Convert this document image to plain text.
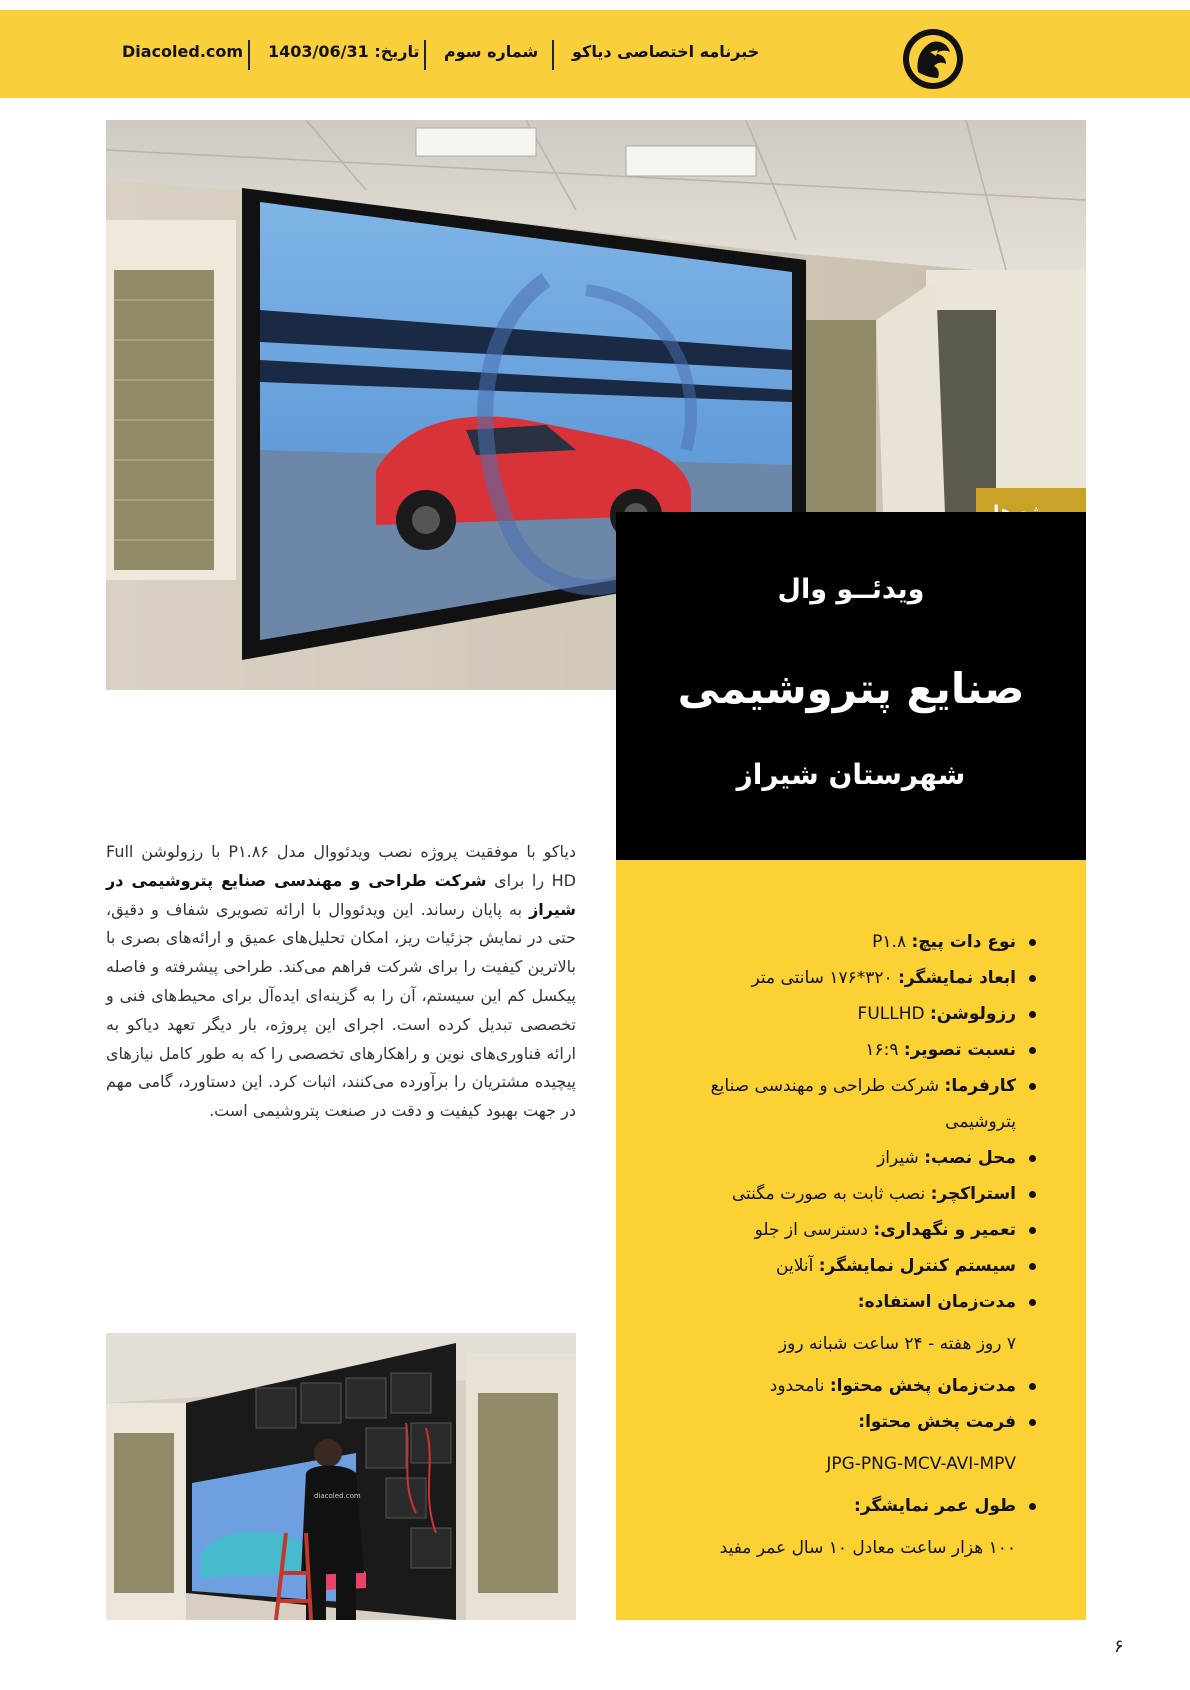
Diacoled.com تاریخ: 1403/06/31 شماره سوم خبرنامه اختصاصی دیاکو
ویدئــو وال
صنایع پتروشیمی
شهرستان شیراز
دیاکو با موفقیت پروژه نصب ویدئووال مدل P۱.۸۶ با رزولوشن Full HD را برای شرکت طراحی و مهندسی صنایع پتروشیمی در شیراز به پایان رساند. این ویدئووال با ارائه تصویری شفاف و دقیق، حتی در نمایش جزئیات ریز، امکان تحلیل‌های عمیق و ارائه‌های بصری با بالاترین کیفیت را برای شرکت فراهم می‌کند. طراحی پیشرفته و فاصله پیکسل کم این سیستم، آن را به گزینه‌ای ایده‌آل برای محیط‌های فنی و تخصصی تبدیل کرده است. اجرای این پروژه، بار دیگر تعهد دیاکو به ارائه فناوری‌های نوین و راهکارهای تخصصی را که به طور کامل نیازهای پیچیده مشتریان را برآورده می‌کنند، اثبات کرد. این دستاورد، گامی مهم در جهت بهبود کیفیت و دقت در صنعت پتروشیمی است.
نوع دات پیچ: P۱.۸
ابعاد نمایشگر: ۳۲۰*۱۷۶ سانتی متر
رزولوشن: FULLHD
نسبت تصویر: ۱۶:۹
کارفرما: شرکت طراحی و مهندسی صنایع پتروشیمی
محل نصب: شیراز
استراکچر: نصب ثابت به صورت مگنتی
تعمیر و نگهداری: دسترسی از جلو
سیستم کنترل نمایشگر: آنلاین
مدت‌زمان استفاده:
۷ روز هفته - ۲۴ ساعت شبانه روز
مدت‌زمان پخش محتوا: نامحدود
فرمت پخش محتوا:
JPG-PNG-MCV-AVI-MPV
طول عمر نمایشگر:
۱۰۰ هزار ساعت معادل ۱۰ سال عمر مفید
diacoled.com
۶
